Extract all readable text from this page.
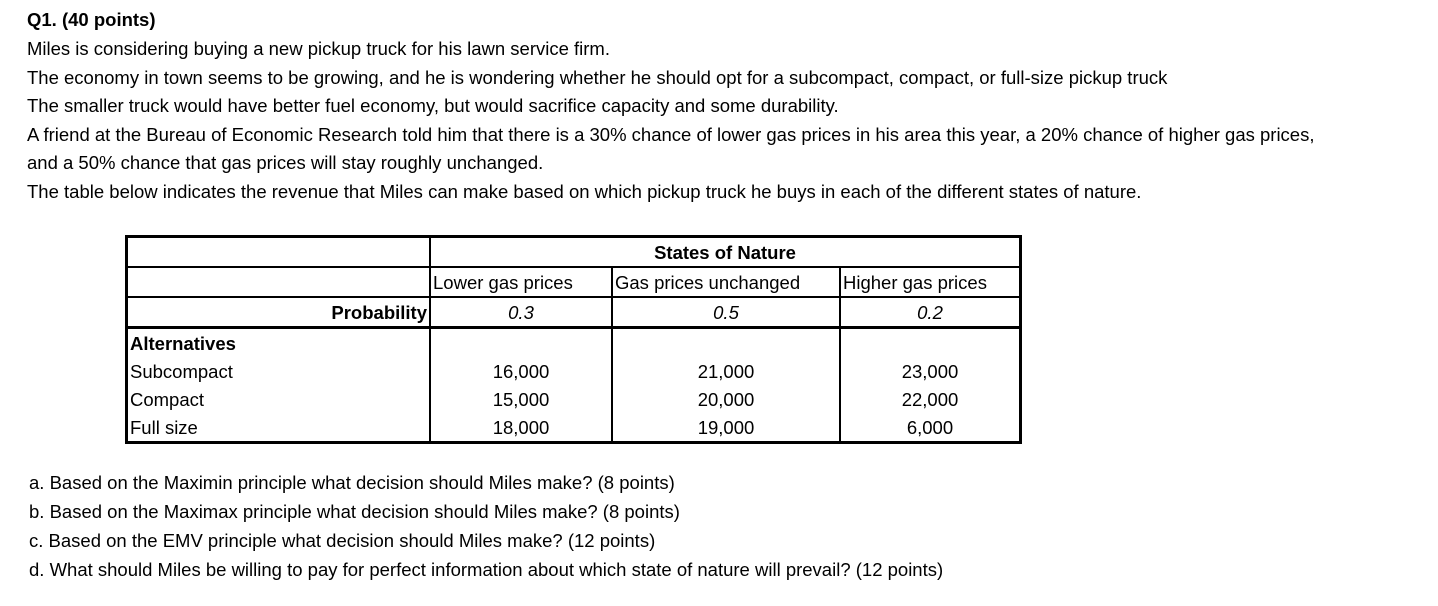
Q1. (40 points)
Miles is considering buying a new pickup truck for his lawn service firm.
The economy in town seems to be growing, and he is wondering whether he should opt for a subcompact, compact, or full-size pickup truck
The smaller truck would have better fuel economy, but would sacrifice capacity and some durability.
A friend at the Bureau of Economic Research told him that there is a 30% chance of lower gas prices in his area this year, a 20% chance of higher gas prices,
and a 50% chance that gas prices will stay roughly unchanged.
The table below indicates the revenue that Miles can make based on which pickup truck he buys in each of the different states of nature.
	States of Nature		
	Lower gas prices	Gas prices unchanged	Higher gas prices
Probability	0.3	0.5	0.2
Alternatives			
Subcompact	16,000	21,000	23,000
Compact	15,000	20,000	22,000
Full size	18,000	19,000	6,000
a. Based on the Maximin principle what decision should Miles make? (8 points)
b. Based on the Maximax principle what decision should Miles make? (8 points)
c. Based on the EMV principle what decision should Miles make? (12 points)
d. What should Miles be willing to pay for perfect information about which state of nature will prevail? (12 points)
